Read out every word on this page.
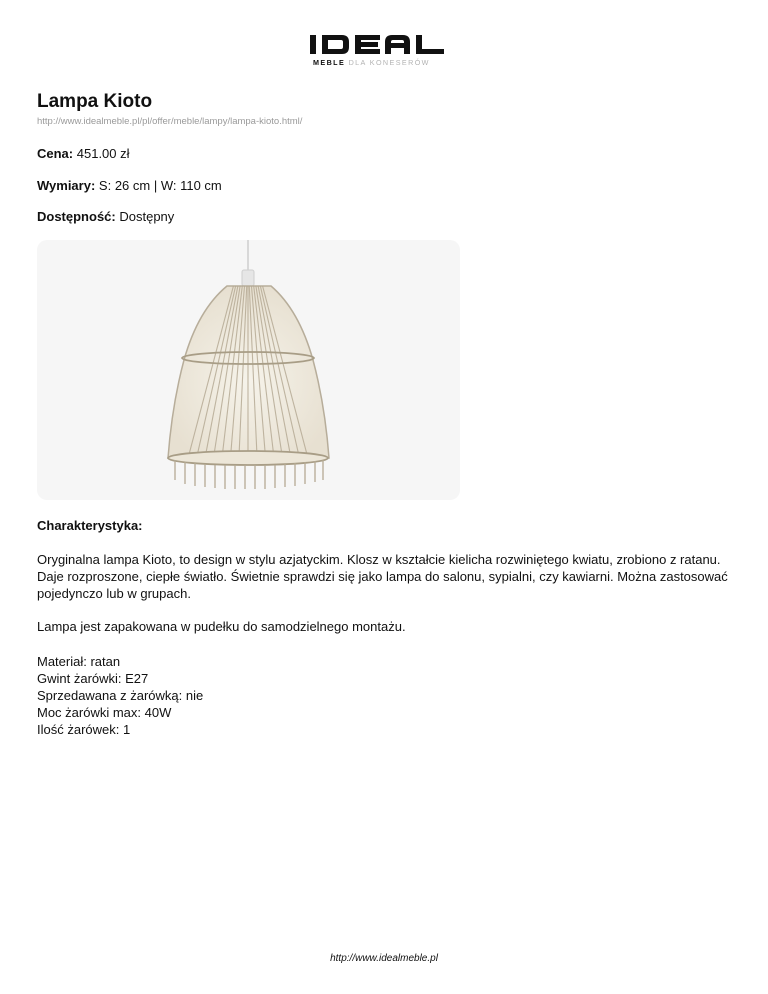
MEBLE DLA KONESERÓW
Lampa Kioto
http://www.idealmeble.pl/pl/offer/meble/lampy/lampa-kioto.html/
Cena: 451.00 zł
Wymiary: S: 26 cm | W: 110 cm
Dostępność: Dostępny
Charakterystyka:

Oryginalna lampa Kioto, to design w stylu azjatyckim. Klosz w kształcie kielicha rozwiniętego kwiatu, zrobiono z ratanu. Daje rozproszone, ciepłe światło. Świetnie sprawdzi się jako lampa do salonu, sypialni, czy kawiarni. Można zastosować pojedynczo lub w grupach.

Lampa jest zapakowana w pudełku do samodzielnego montażu.

Materiał: ratan
Gwint żarówki: E27
Sprzedawana z żarówką: nie
Moc żarówki max: 40W
Ilość żarówek: 1
http://www.idealmeble.pl
